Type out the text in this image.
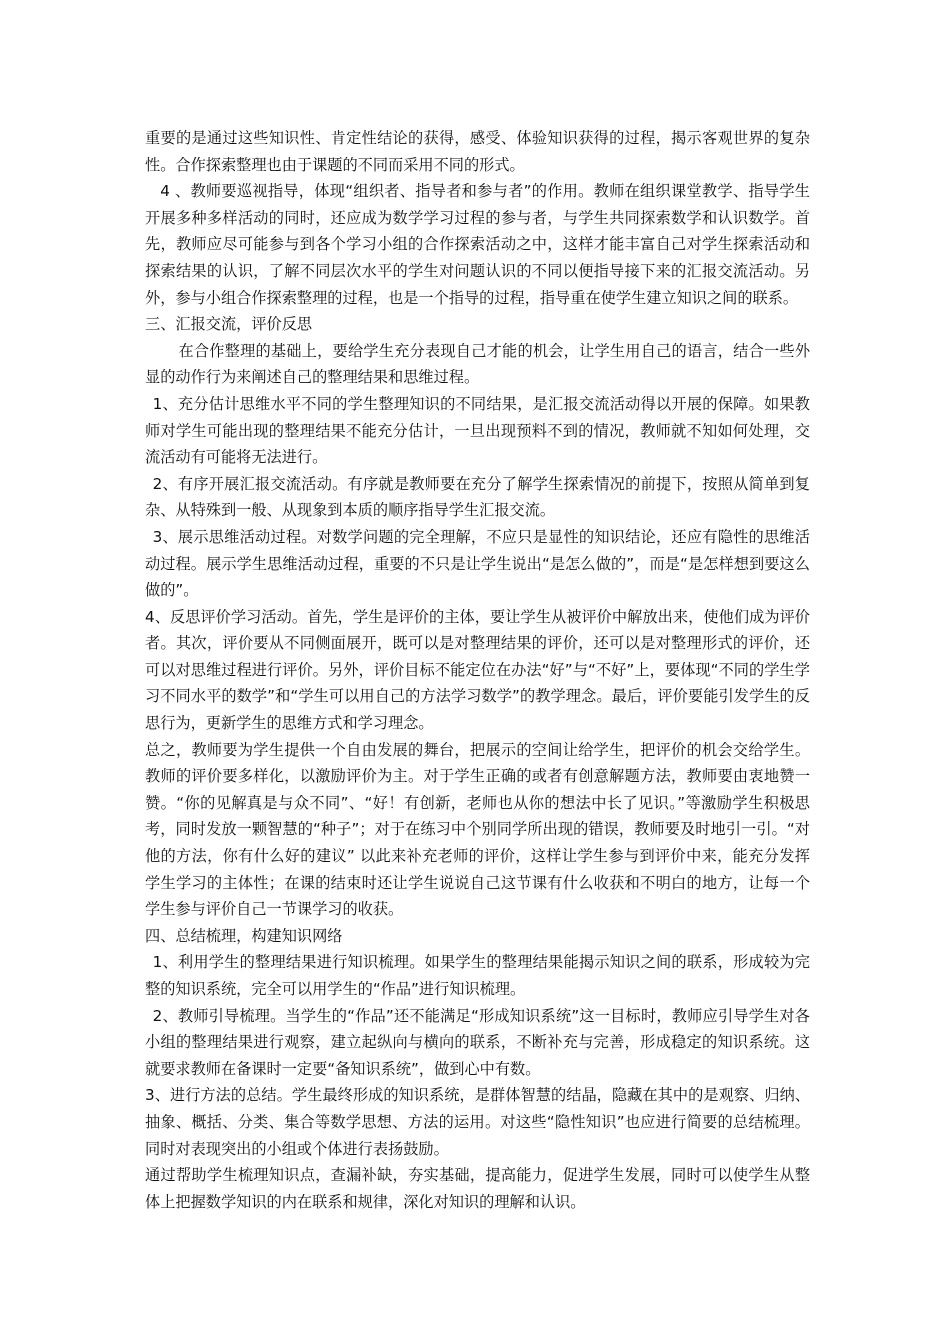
重要的是通过这些知识性、肯定性结论的获得，感受、体验知识获得的过程，揭示客观世界的复杂性。合作探索整理也由于课题的不同而采用不同的形式。

4 、教师要巡视指导，体现“组织者、指导者和参与者”的作用。教师在组织课堂教学、指导学生开展多种多样活动的同时，还应成为数学学习过程的参与者，与学生共同探索数学和认识数学。首先，教师应尽可能参与到各个学习小组的合作探索活动之中，这样才能丰富自己对学生探索活动和探索结果的认识，了解不同层次水平的学生对问题认识的不同以便指导接下来的汇报交流活动。另外，参与小组合作探索整理的过程，也是一个指导的过程，指导重在使学生建立知识之间的联系。

三、汇报交流，评价反思

在合作整理的基础上，要给学生充分表现自己才能的机会，让学生用自己的语言，结合一些外显的动作行为来阐述自己的整理结果和思维过程。

1、充分估计思维水平不同的学生整理知识的不同结果，是汇报交流活动得以开展的保障。如果教师对学生可能出现的整理结果不能充分估计，一旦出现预料不到的情况，教师就不知如何处理，交流活动有可能将无法进行。

2、有序开展汇报交流活动。有序就是教师要在充分了解学生探索情况的前提下，按照从简单到复杂、从特殊到一般、从现象到本质的顺序指导学生汇报交流。

3、展示思维活动过程。对数学问题的完全理解，不应只是显性的知识结论，还应有隐性的思维活动过程。展示学生思维活动过程，重要的不只是让学生说出“是怎么做的”，而是“是怎样想到要这么做的”。

4、反思评价学习活动。首先，学生是评价的主体，要让学生从被评价中解放出来，使他们成为评价者。其次，评价要从不同侧面展开，既可以是对整理结果的评价，还可以是对整理形式的评价，还可以对思维过程进行评价。另外，评价目标不能定位在办法“好”与“不好”上，要体现“不同的学生学习不同水平的数学”和“学生可以用自己的方法学习数学”的教学理念。最后，评价要能引发学生的反思行为，更新学生的思维方式和学习理念。

总之，教师要为学生提供一个自由发展的舞台，把展示的空间让给学生，把评价的机会交给学生。教师的评价要多样化，以激励评价为主。对于学生正确的或者有创意解题方法，教师要由衷地赞一赞。“你的见解真是与众不同”、“好！有创新，老师也从你的想法中长了见识。”等激励学生积极思考，同时发放一颗智慧的“种子”；对于在练习中个别同学所出现的错误，教师要及时地引一引。“对他的方法，你有什么好的建议” 以此来补充老师的评价，这样让学生参与到评价中来，能充分发挥学生学习的主体性；在课的结束时还让学生说说自己这节课有什么收获和不明白的地方，让每一个学生参与评价自己一节课学习的收获。

四、总结梳理，构建知识网络

1、利用学生的整理结果进行知识梳理。如果学生的整理结果能揭示知识之间的联系，形成较为完整的知识系统，完全可以用学生的“作品”进行知识梳理。

2、教师引导梳理。当学生的“作品”还不能满足“形成知识系统”这一目标时，教师应引导学生对各小组的整理结果进行观察，建立起纵向与横向的联系，不断补充与完善，形成稳定的知识系统。这就要求教师在备课时一定要“备知识系统”，做到心中有数。

3、进行方法的总结。学生最终形成的知识系统，是群体智慧的结晶，隐藏在其中的是观察、归纳、抽象、概括、分类、集合等数学思想、方法的运用。对这些“隐性知识”也应进行简要的总结梳理。同时对表现突出的小组或个体进行表扬鼓励。

通过帮助学生梳理知识点，查漏补缺，夯实基础，提高能力，促进学生发展，同时可以使学生从整体上把握数学知识的内在联系和规律，深化对知识的理解和认识。
